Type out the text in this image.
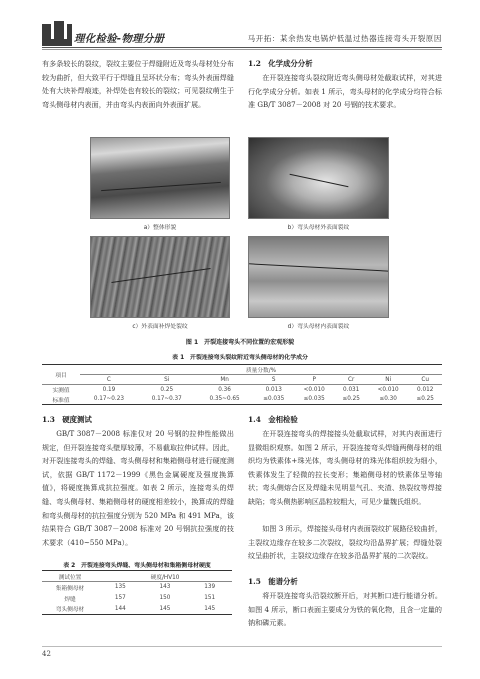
理化检验-物理分册	马开拓：某余热发电锅炉低温过热器连接弯头开裂原因

有多条较长的裂纹，裂纹主要位于焊缝附近及弯头母材处分布较为曲折，但大致平行于焊缝且呈环状分布；弯头外表面焊缝处有大块补焊痕迹，补焊处也有较长的裂纹；可见裂纹萌生于弯头侧母材内表面，并由弯头内表面向外表面扩展。

1.2　化学成分分析

在开裂连接弯头裂纹附近弯头侧母材处截取试样，对其进行化学成分分析。如表 1 所示，弯头母材的化学成分均符合标准 GB/T 3087－2008 对 20 号钢的技术要求。

a）整体形貌	b）弯头母材外表面裂纹
c）外表面补焊处裂纹	d）弯头母材内表面裂纹
图 1　开裂连接弯头不同位置的宏观形貌
表 1　开裂连接弯头裂纹附近弯头侧母材的化学成分
项目	质量分数/%							
	C	Si	Mn	S	P	Cr	Ni	Cu
实测值	0.19	0.25	0.36	0.013	<0.010	0.031	<0.010	0.012
标准值	0.17~0.23	0.17~0.37	0.35~0.65	≤0.035	≤0.035	≤0.25	≤0.30	≤0.25
1.3　硬度测试

GB/T 3087－2008 标准仅对 20 号钢的拉伸性能做出规定，但开裂连接弯头壁厚较薄，不易截取拉伸试样。因此，对开裂连接弯头的焊缝、弯头侧母材和集箱侧母材进行硬度测试，依据 GB/T 1172－1999《黑色金属硬度及强度换算值》，将硬度换算成抗拉强度。如表 2 所示，连接弯头的焊缝、弯头侧母材、集箱侧母材的硬度相差较小，换算成的焊缝和弯头侧母材的抗拉强度分别为 520 MPa 和 491 MPa，该结果符合 GB/T 3087－2008 标准对 20 号钢抗拉强度的技术要求（410~550 MPa）。

表 2　开裂连接弯头焊缝、弯头侧母材和集箱侧母材硬度
测试位置	硬度/HV10		
集箱侧母材	135	143	139
焊缝	157	150	151
弯头侧母材	144	145	145
1.4　金相检验

在开裂连接弯头的焊接接头处截取试样，对其内表面进行显微组织观察。如图 2 所示，开裂连接弯头焊缝两侧母材的组织均为铁素体+珠光体，弯头侧母材的珠光体组织较为细小，铁素体发生了轻微的拉长变形；集箱侧母材的铁素体呈等轴状；弯头侧熔合区及焊缝未见明显气孔、夹渣、热裂纹等焊接缺陷；弯头侧热影响区晶粒较粗大，可见少量魏氏组织。

如图 3 所示，焊接接头母材内表面裂纹扩展路径较曲折，主裂纹边缘存在较多二次裂纹，裂纹均沿晶界扩展；焊缝处裂纹呈曲折状，主裂纹边缘存在较多沿晶界扩展的二次裂纹。

1.5　能谱分析

将开裂连接弯头沿裂纹断开后，对其断口进行能谱分析。如图 4 所示，断口表面主要成分为铁的氧化物，且含一定量的钠和磷元素。

42
